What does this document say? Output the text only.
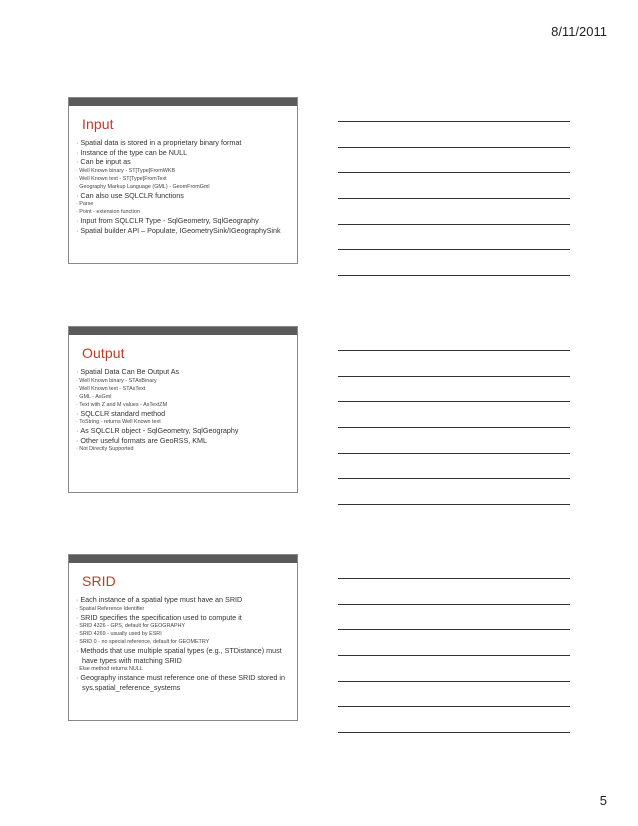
8/11/2011
Input
· Spatial data is stored in a proprietary binary format
· Instance of the type can be NULL
· Can be input as
· Well Known binary - ST[Type]FromWKB
· Well Known text - ST[Type]FromText
· Geography Markup Language (GML) - GeomFromGml
· Can also use SQLCLR functions
· Parse
· Point - extension function
· Input from SQLCLR Type - SqlGeometry, SqlGeography
· Spatial builder API – Populate, IGeometrySink/IGeographySink
Output
· Spatial Data Can Be Output As
· Well Known binary - STAsBinary
· Well Known text - STAsText
· GML - AsGml
· Text with Z and M values - AsTextZM
· SQLCLR standard method
· ToString - returns Well Known text
· As SQLCLR object - SqlGeometry, SqlGeography
· Other useful formats are GeoRSS, KML
· Not Directly Supported
SRID
· Each instance of a spatial type must have an SRID
· Spatial Reference Identifier
· SRID specifies the specification used to compute it
· SRID 4326 - GPS, default for GEOGRAPHY
· SRID 4269 - usually used by ESRI
· SRID 0 - no special reference, default for GEOMETRY
· Methods that use multiple spatial types (e.g., STDistance) must have types with matching SRID
· Else method returns NULL
· Geography instance must reference one of these SRID stored in sys.spatial_reference_systems
5
